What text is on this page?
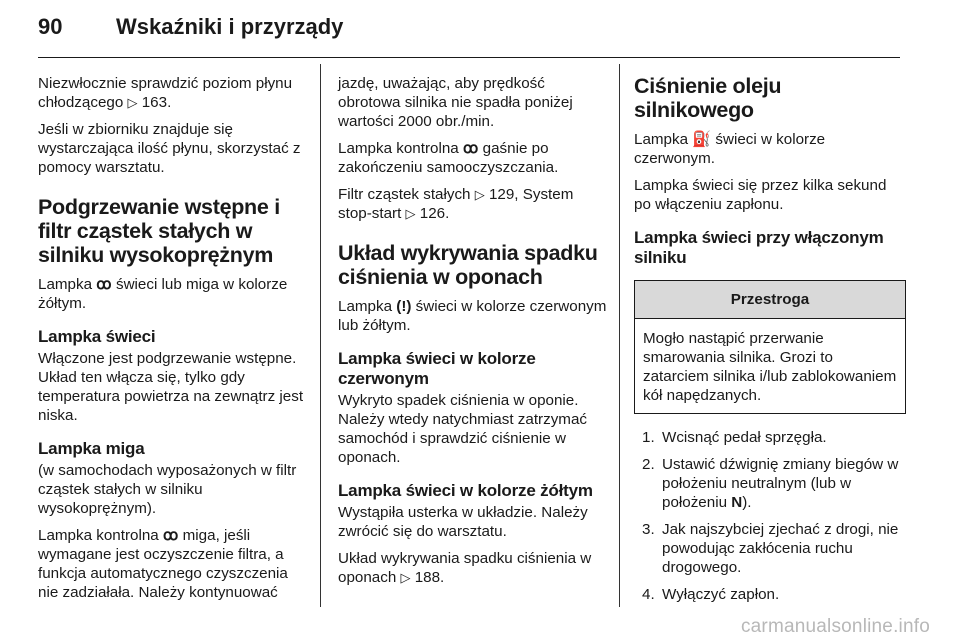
90 Wskaźniki i przyrządy

Niezwłocznie sprawdzić poziom płynu chłodzącego ▷ 163.

Jeśli w zbiorniku znajduje się wystarczająca ilość płynu, skorzystać z pomocy warsztatu.

Podgrzewanie wstępne i filtr cząstek stałych w silniku wysokoprężnym

Lampka ꝏ świeci lub miga w kolorze żółtym.

Lampka świeci

Włączone jest podgrzewanie wstępne. Układ ten włącza się, tylko gdy temperatura powietrza na zewnątrz jest niska.

Lampka miga

(w samochodach wyposażonych w filtr cząstek stałych w silniku wysokoprężnym).

Lampka kontrolna ꝏ miga, jeśli wymagane jest oczyszczenie filtra, a funkcja automatycznego czyszczenia nie zadziałała. Należy kontynuować

jazdę, uważając, aby prędkość obrotowa silnika nie spadła poniżej wartości 2000 obr./min.

Lampka kontrolna ꝏ gaśnie po zakończeniu samooczyszczania.

Filtr cząstek stałych ▷ 129, System stop-start ▷ 126.

Układ wykrywania spadku ciśnienia w oponach

Lampka (!) świeci w kolorze czerwonym lub żółtym.

Lampka świeci w kolorze czerwonym

Wykryto spadek ciśnienia w oponie. Należy wtedy natychmiast zatrzymać samochód i sprawdzić ciśnienie w oponach.

Lampka świeci w kolorze żółtym

Wystąpiła usterka w układzie. Należy zwrócić się do warsztatu.

Układ wykrywania spadku ciśnienia w oponach ▷ 188.

Ciśnienie oleju silnikowego

Lampka ⛽ świeci w kolorze czerwonym.

Lampka świeci się przez kilka sekund po włączeniu zapłonu.

Lampka świeci przy włączonym silniku
Przestroga

Mogło nastąpić przerwanie smarowania silnika. Grozi to zatarciem silnika i/lub zablokowaniem kół napędzanych.

1. Wcisnąć pedał sprzęgła.
2. Ustawić dźwignię zmiany biegów w położeniu neutralnym (lub w położeniu N).
3. Jak najszybciej zjechać z drogi, nie powodując zakłócenia ruchu drogowego.
4. Wyłączyć zapłon.
carmanualsonline.info
